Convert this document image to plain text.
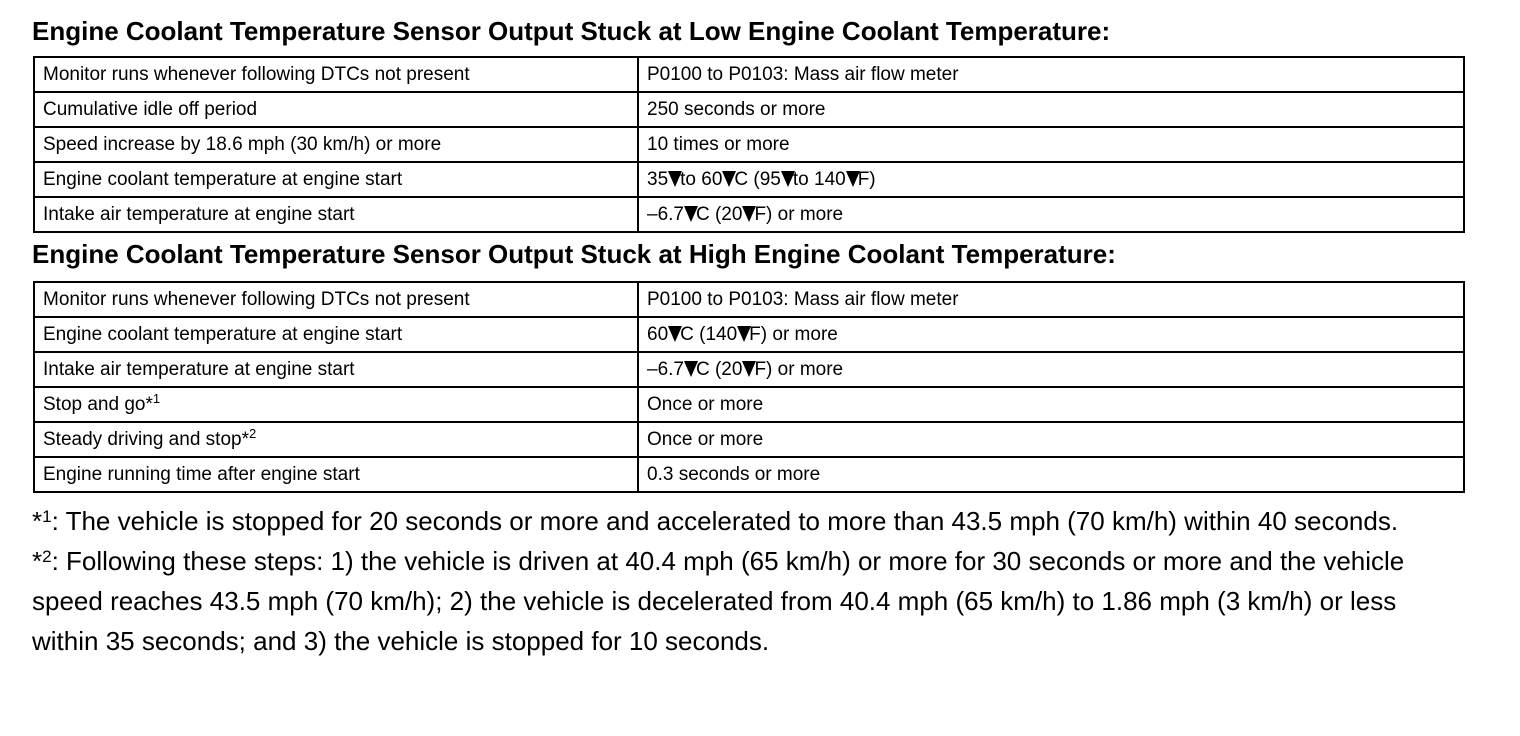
Engine Coolant Temperature Sensor Output Stuck at Low Engine Coolant Temperature:
Monitor runs whenever following DTCs not present	P0100 to P0103: Mass air flow meter
Cumulative idle off period	250 seconds or more
Speed increase by 18.6 mph (30 km/h) or more	10 times or more
Engine coolant temperature at engine start	35 to 60 C (95 to 140 F)
Intake air temperature at engine start	–6.7 C (20 F) or more
Engine Coolant Temperature Sensor Output Stuck at High Engine Coolant Temperature:
Monitor runs whenever following DTCs not present	P0100 to P0103: Mass air flow meter
Engine coolant temperature at engine start	60 C (140 F) or more
Intake air temperature at engine start	–6.7 C (20 F) or more
Stop and go*$^1$	Once or more
Steady driving and stop*$^2$	Once or more
Engine running time after engine start	0.3 seconds or more

*$^1$: The vehicle is stopped for 20 seconds or more and accelerated to more than 43.5 mph (70 km/h) within 40 seconds.

*$^2$: Following these steps: 1) the vehicle is driven at 40.4 mph (65 km/h) or more for 30 seconds or more and the vehicle speed reaches 43.5 mph (70 km/h); 2) the vehicle is decelerated from 40.4 mph (65 km/h) to 1.86 mph (3 km/h) or less within 35 seconds; and 3) the vehicle is stopped for 10 seconds.
